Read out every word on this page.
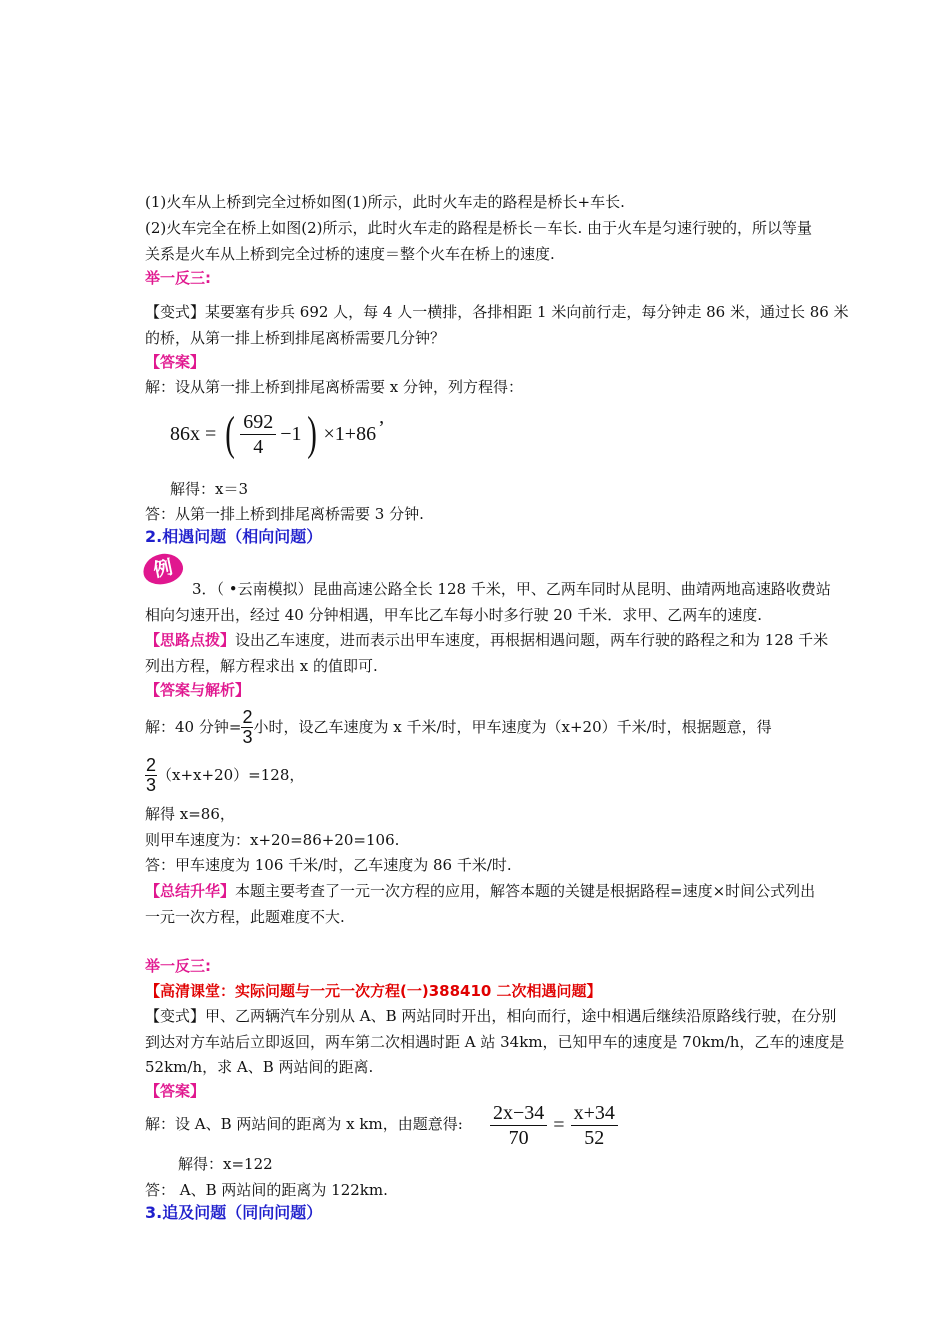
(1)火车从上桥到完全过桥如图(1)所示，此时火车走的路程是桥长+车长.
(2)火车完全在桥上如图(2)所示，此时火车走的路程是桥长－车长. 由于火车是匀速行驶的，所以等量
关系是火车从上桥到完全过桥的速度＝整个火车在桥上的速度.
举一反三:
【变式】某要塞有步兵 692 人，每 4 人一横排，各排相距 1 米向前行走，每分钟走 86 米，通过长 86 米
的桥，从第一排上桥到排尾离桥需要几分钟？
【答案】
解：设从第一排上桥到排尾离桥需要 x 分钟，列方程得：
86x = ( $\frac{692}{4} -1$ ) ×1+86 ’
解得：x＝3
答：从第一排上桥到排尾离桥需要 3 分钟.
2.相遇问题（相向问题）
例
3．（ •云南模拟）昆曲高速公路全长 128 千米，甲、乙两车同时从昆明、曲靖两地高速路收费站
相向匀速开出，经过 40 分钟相遇，甲车比乙车每小时多行驶 20 千米．求甲、乙两车的速度.
【思路点拨】设出乙车速度，进而表示出甲车速度，再根据相遇问题，两车行驶的路程之和为 128 千米
列出方程，解方程求出 x 的值即可.
【答案与解析】
解：40 分钟= $\frac{2}{3}$ 小时，设乙车速度为 x 千米/时，甲车速度为（x+20）千米/时，根据题意，得
$\frac{2}{3} (x+x+20)=128$，
解得 x=86，
则甲车速度为：x+20=86+20=106.
答：甲车速度为 106 千米/时，乙车速度为 86 千米/时.
【总结升华】本题主要考查了一元一次方程的应用，解答本题的关键是根据路程=速度×时间公式列出
一元一次方程，此题难度不大.
举一反三:
【高清课堂：实际问题与一元一次方程(一)388410 二次相遇问题】
【变式】甲、乙两辆汽车分别从 A、B 两站同时开出，相向而行，途中相遇后继续沿原路线行驶，在分别
到达对方车站后立即返回，两车第二次相遇时距 A 站 34km，已知甲车的速度是 70km/h，乙车的速度是
52km/h，求 A、B 两站间的距离.
【答案】
解：设 A、B 两站间的距离为 x km，由题意得: $\frac{2x-34}{70} = \frac{x+34}{52}$
解得：x=122
答： A、B 两站间的距离为 122km.
3.追及问题（同向问题）
